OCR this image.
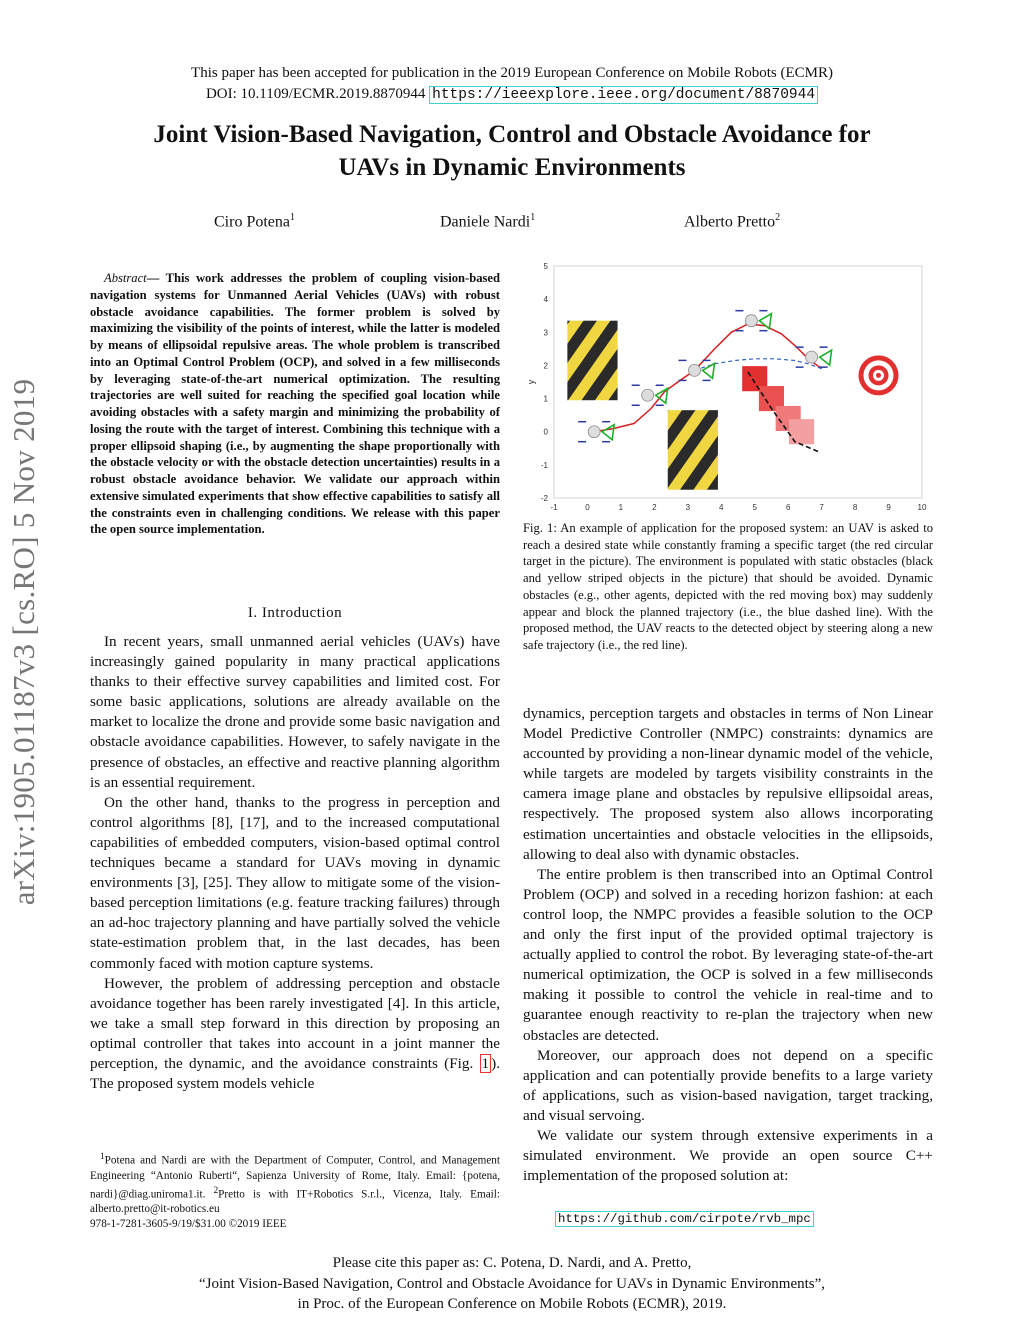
This paper has been accepted for publication in the 2019 European Conference on Mobile Robots (ECMR)
DOI: 10.1109/ECMR.2019.8870944 https://ieeexplore.ieee.org/document/8870944
Joint Vision-Based Navigation, Control and Obstacle Avoidance for
UAVs in Dynamic Environments
Ciro Potena$^1$	Daniele Nardi$^1$	Alberto Pretto$^2$
arXiv:1905.01187v3 [cs.RO] 5 Nov 2019
Abstract— This work addresses the problem of coupling vision-based navigation systems for Unmanned Aerial Vehicles (UAVs) with robust obstacle avoidance capabilities. The former problem is solved by maximizing the visibility of the points of interest, while the latter is modeled by means of ellipsoidal repulsive areas. The whole problem is transcribed into an Optimal Control Problem (OCP), and solved in a few milliseconds by leveraging state-of-the-art numerical optimization. The resulting trajectories are well suited for reaching the specified goal location while avoiding obstacles with a safety margin and minimizing the probability of losing the route with the target of interest. Combining this technique with a proper ellipsoid shaping (i.e., by augmenting the shape proportionally with the obstacle velocity or with the obstacle detection uncertainties) results in a robust obstacle avoidance behavior. We validate our approach within extensive simulated experiments that show effective capabilities to satisfy all the constraints even in challenging conditions. We release with this paper the open source implementation.
I. Introduction

In recent years, small unmanned aerial vehicles (UAVs) have increasingly gained popularity in many practical applications thanks to their effective survey capabilities and limited cost. For some basic applications, solutions are already available on the market to localize the drone and provide some basic navigation and obstacle avoidance capabilities. However, to safely navigate in the presence of obstacles, an effective and reactive planning algorithm is an essential requirement.

On the other hand, thanks to the progress in perception and control algorithms [8], [17], and to the increased computational capabilities of embedded computers, vision-based optimal control techniques became a standard for UAVs moving in dynamic environments [3], [25]. They allow to mitigate some of the vision-based perception limitations (e.g. feature tracking failures) through an ad-hoc trajectory planning and have partially solved the vehicle state-estimation problem that, in the last decades, has been commonly faced with motion capture systems.

However, the problem of addressing perception and obstacle avoidance together has been rarely investigated [4]. In this article, we take a small step forward in this direction by proposing an optimal controller that takes into account in a joint manner the perception, the dynamic, and the avoidance constraints (Fig. 1 ). The proposed system models vehicle

$^1$Potena and Nardi are with the Department of Computer, Control, and Management Engineering “Antonio Ruberti“, Sapienza University of Rome, Italy. Email: {potena, nardi}@diag.uniroma1.it. $^2$Pretto is with IT+Robotics S.r.l., Vicenza, Italy. Email: alberto.pretto@it-robotics.eu
978-1-7281-3605-9/19/$31.00 ©2019 IEEE
-1	0	1	2	3	4	5	6	7	8	9	10
-2
-1
0
1
2
3
4
5
y
Fig. 1: An example of application for the proposed system: an UAV is asked to reach a desired state while constantly framing a specific target (the red circular target in the picture). The environment is populated with static obstacles (black and yellow striped objects in the picture) that should be avoided. Dynamic obstacles (e.g., other agents, depicted with the red moving box) may suddenly appear and block the planned trajectory (i.e., the blue dashed line). With the proposed method, the UAV reacts to the detected object by steering along a new safe trajectory (i.e., the red line).

dynamics, perception targets and obstacles in terms of Non Linear Model Predictive Controller (NMPC) constraints: dynamics are accounted by providing a non-linear dynamic model of the vehicle, while targets are modeled by targets visibility constraints in the camera image plane and obstacles by repulsive ellipsoidal areas, respectively. The proposed system also allows incorporating estimation uncertainties and obstacle velocities in the ellipsoids, allowing to deal also with dynamic obstacles.

The entire problem is then transcribed into an Optimal Control Problem (OCP) and solved in a receding horizon fashion: at each control loop, the NMPC provides a feasible solution to the OCP and only the first input of the provided optimal trajectory is actually applied to control the robot. By leveraging state-of-the-art numerical optimization, the OCP is solved in a few milliseconds making it possible to control the vehicle in real-time and to guarantee enough reactivity to re-plan the trajectory when new obstacles are detected.

Moreover, our approach does not depend on a specific application and can potentially provide benefits to a large variety of applications, such as vision-based navigation, target tracking, and visual servoing.

We validate our system through extensive experiments in a simulated environment. We provide an open source C++ implementation of the proposed solution at:

https://github.com/cirpote/rvb_mpc
Please cite this paper as: C. Potena, D. Nardi, and A. Pretto,
“Joint Vision-Based Navigation, Control and Obstacle Avoidance for UAVs in Dynamic Environments”,
in Proc. of the European Conference on Mobile Robots (ECMR), 2019.
